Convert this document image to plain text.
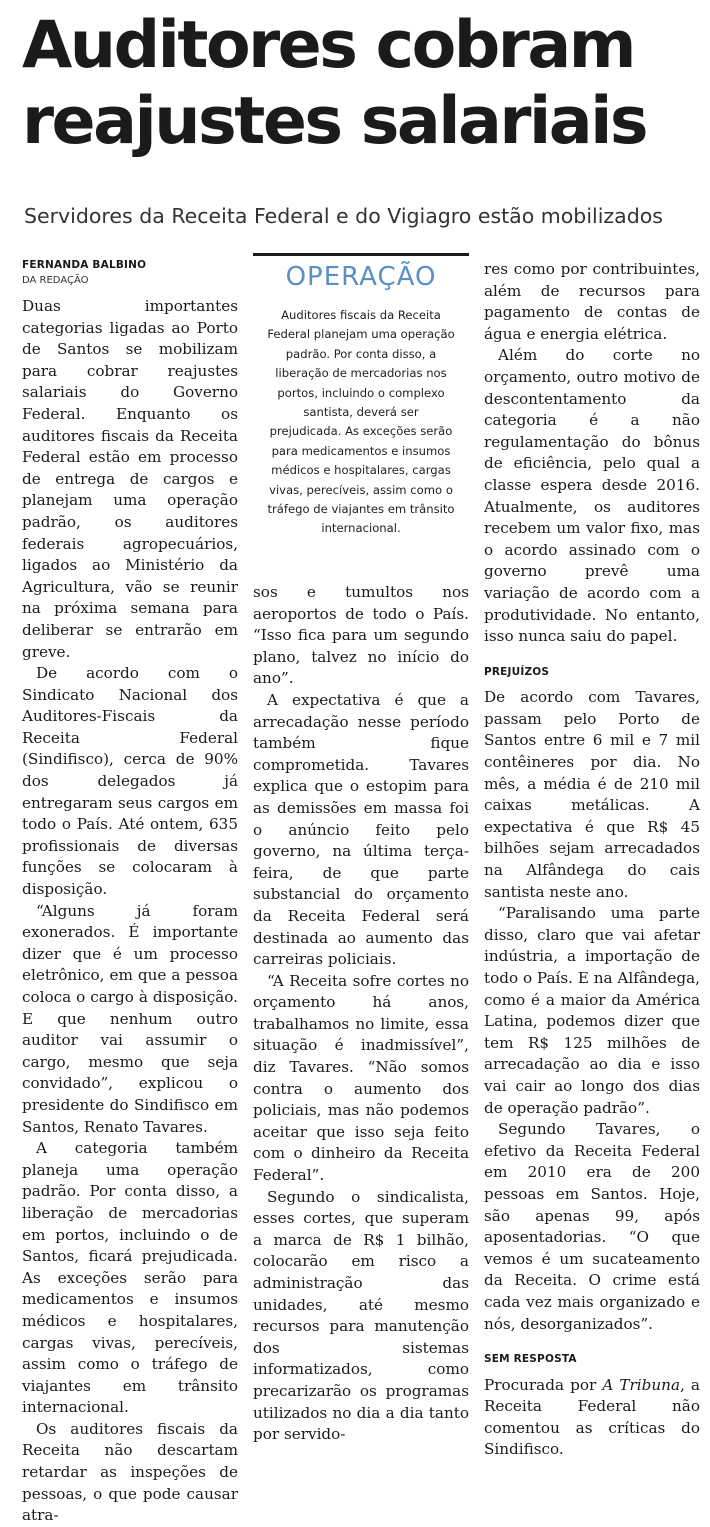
Auditores cobram reajustes salariais
Servidores da Receita Federal e do Vigiagro estão mobilizados
FERNANDA BALBINO
DA REDAÇÃO

Duas importantes categorias ligadas ao Porto de Santos se mobilizam para cobrar reajustes salariais do Governo Federal. Enquanto os auditores fiscais da Receita Federal estão em processo de entrega de cargos e planejam uma operação padrão, os auditores federais agropecuários, ligados ao Ministério da Agricultura, vão se reunir na próxima semana para deliberar se entrarão em greve.

De acordo com o Sindicato Nacional dos Auditores-Fiscais da Receita Federal (Sindifisco), cerca de 90% dos delegados já entregaram seus cargos em todo o País. Até ontem, 635 profissionais de diversas funções se colocaram à disposição.

“Alguns já foram exonerados. É importante dizer que é um processo eletrônico, em que a pessoa coloca o cargo à disposição. E que nenhum outro auditor vai assumir o cargo, mesmo que seja convidado”, explicou o presidente do Sindifisco em Santos, Renato Tavares.

A categoria também planeja uma operação padrão. Por conta disso, a liberação de mercadorias em portos, incluindo o de Santos, ficará prejudicada. As exceções serão para medicamentos e insumos médicos e hospitalares, cargas vivas, perecíveis, assim como o tráfego de viajantes em trânsito internacional.

Os auditores fiscais da Receita não descartam retardar as inspeções de pessoas, o que pode causar atra-

OPERAÇÃO
Auditores fiscais da Receita Federal planejam uma operação padrão. Por conta disso, a liberação de mercadorias nos portos, incluindo o complexo santista, deverá ser prejudicada. As exceções serão para medicamentos e insumos médicos e hospitalares, cargas vivas, perecíveis, assim como o tráfego de viajantes em trânsito internacional.

sos e tumultos nos aeroportos de todo o País. “Isso fica para um segundo plano, talvez no início do ano”.

A expectativa é que a arrecadação nesse período também fique comprometida. Tavares explica que o estopim para as demissões em massa foi o anúncio feito pelo governo, na última terça-feira, de que parte substancial do orçamento da Receita Federal será destinada ao aumento das carreiras policiais.

“A Receita sofre cortes no orçamento há anos, trabalhamos no limite, essa situação é inadmissível”, diz Tavares. “Não somos contra o aumento dos policiais, mas não podemos aceitar que isso seja feito com o dinheiro da Receita Federal”.

Segundo o sindicalista, esses cortes, que superam a marca de R$ 1 bilhão, colocarão em risco a administração das unidades, até mesmo recursos para manutenção dos sistemas informatizados, como precarizarão os programas utilizados no dia a dia tanto por servido-

res como por contribuintes, além de recursos para pagamento de contas de água e energia elétrica.

Além do corte no orçamento, outro motivo de descontentamento da categoria é a não regulamentação do bônus de eficiência, pelo qual a classe espera desde 2016. Atualmente, os auditores recebem um valor fixo, mas o acordo assinado com o governo prevê uma variação de acordo com a produtividade. No entanto, isso nunca saiu do papel.

PREJUÍZOS

De acordo com Tavares, passam pelo Porto de Santos entre 6 mil e 7 mil contêineres por dia. No mês, a média é de 210 mil caixas metálicas. A expectativa é que R$ 45 bilhões sejam arrecadados na Alfândega do cais santista neste ano.

“Paralisando uma parte disso, claro que vai afetar indústria, a importação de todo o País. E na Alfândega, como é a maior da América Latina, podemos dizer que tem R$ 125 milhões de arrecadação ao dia e isso vai cair ao longo dos dias de operação padrão”.

Segundo Tavares, o efetivo da Receita Federal em 2010 era de 200 pessoas em Santos. Hoje, são apenas 99, após aposentadorias. “O que vemos é um sucateamento da Receita. O crime está cada vez mais organizado e nós, desorganizados”.

SEM RESPOSTA

Procurada por A Tribuna, a Receita Federal não comentou as críticas do Sindifisco.
